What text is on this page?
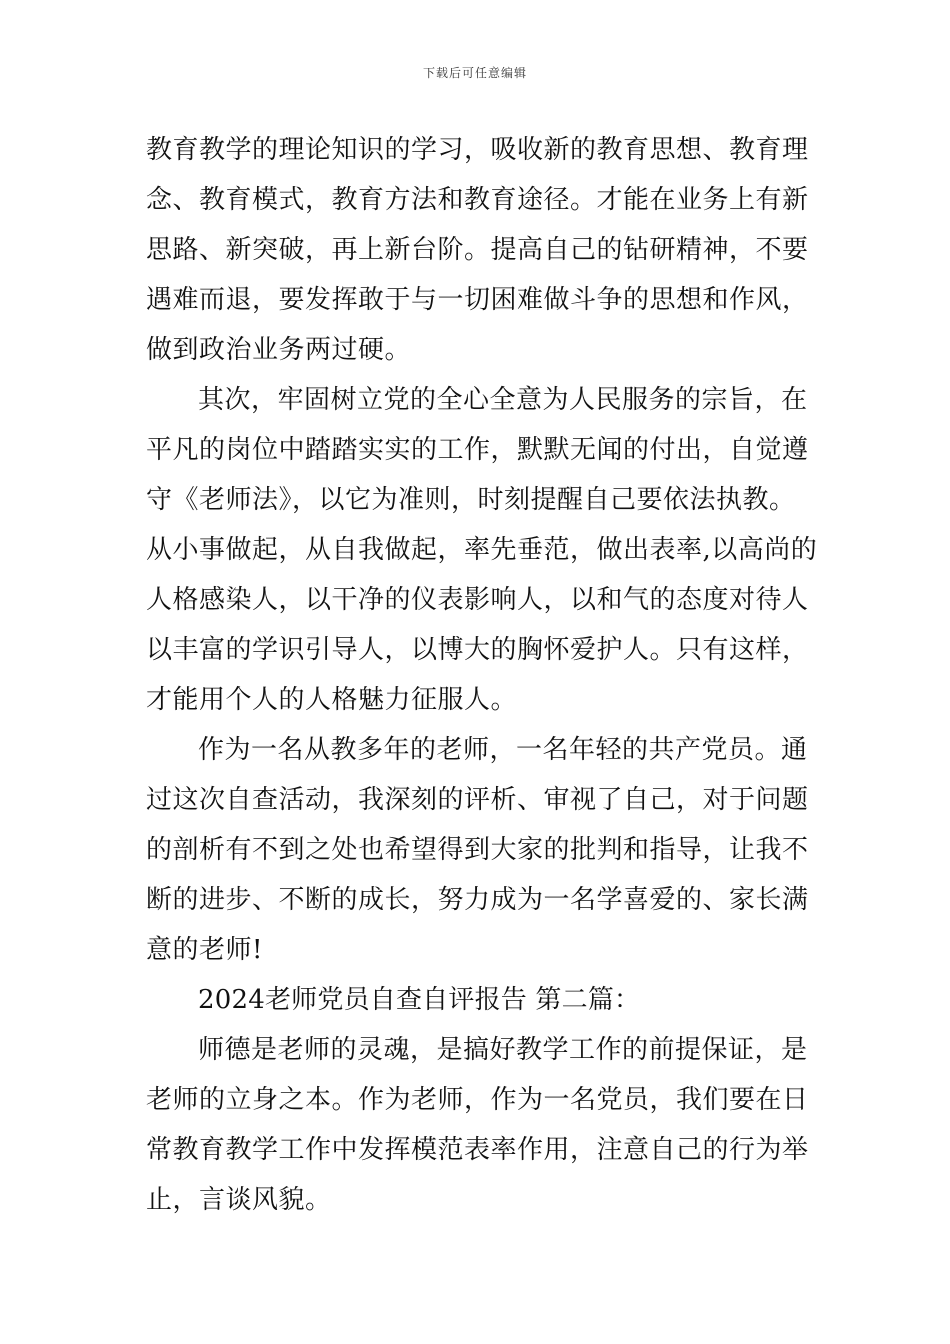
下载后可任意编辑
教育教学的理论知识的学习，吸收新的教育思想、教育理
念、教育模式，教育方法和教育途径。才能在业务上有新
思路、新突破，再上新台阶。提高自己的钻研精神，不要
遇难而退，要发挥敢于与一切困难做斗争的思想和作风，
做到政治业务两过硬。
其次，牢固树立党的全心全意为人民服务的宗旨，在
平凡的岗位中踏踏实实的工作，默默无闻的付出，自觉遵
守《老师法》，以它为准则，时刻提醒自己要依法执教。
从小事做起，从自我做起，率先垂范，做出表率,以高尚的
人格感染人，以干净的仪表影响人，以和气的态度对待人
以丰富的学识引导人，以博大的胸怀爱护人。只有这样，
才能用个人的人格魅力征服人。
作为一名从教多年的老师，一名年轻的共产党员。通
过这次自查活动，我深刻的评析、审视了自己，对于问题
的剖析有不到之处也希望得到大家的批判和指导，让我不
断的进步、不断的成长，努力成为一名学喜爱的、家长满
意的老师!
2024老师党员自查自评报告 第二篇：
师德是老师的灵魂，是搞好教学工作的前提保证，是
老师的立身之本。作为老师，作为一名党员，我们要在日
常教育教学工作中发挥模范表率作用，注意自己的行为举
止，言谈风貌。
